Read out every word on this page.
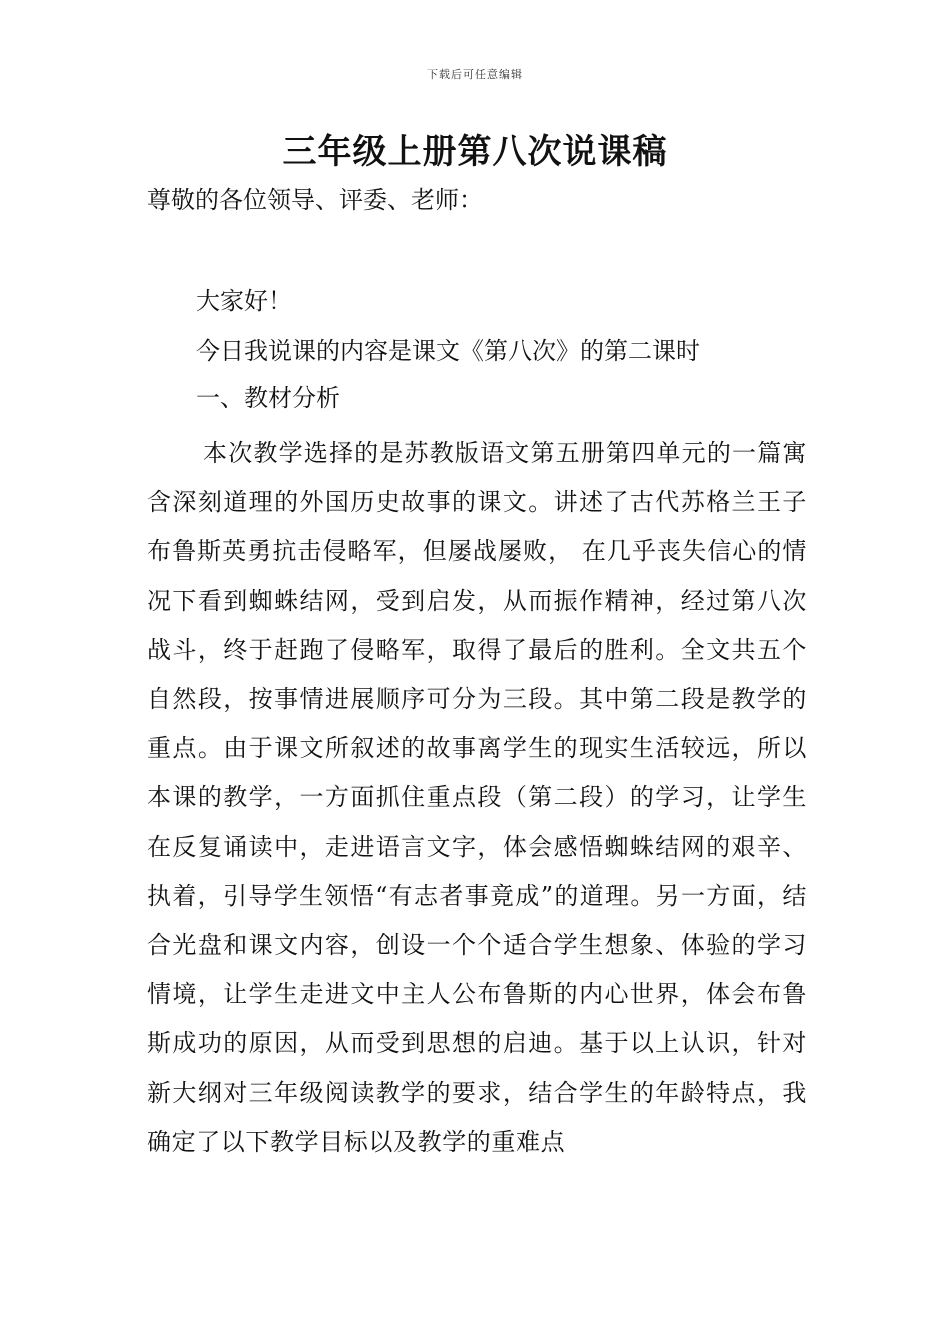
下载后可任意编辑
三年级上册第八次说课稿
尊敬的各位领导、评委、老师：
大家好！
今日我说课的内容是课文《第八次》的第二课时
一、教材分析
本次教学选择的是苏教版语文第五册第四单元的一篇寓含深刻道理的外国历史故事的课文。讲述了古代苏格兰王子布鲁斯英勇抗击侵略军，但屡战屡败， 在几乎丧失信心的情况下看到蜘蛛结网，受到启发，从而振作精神，经过第八次战斗，终于赶跑了侵略军，取得了最后的胜利。全文共五个自然段，按事情进展顺序可分为三段。其中第二段是教学的重点。由于课文所叙述的故事离学生的现实生活较远，所以本课的教学，一方面抓住重点段（第二段）的学习，让学生在反复诵读中，走进语言文字，体会感悟蜘蛛结网的艰辛、执着，引导学生领悟“有志者事竟成”的道理。另一方面，结合光盘和课文内容，创设一个个适合学生想象、体验的学习情境，让学生走进文中主人公布鲁斯的内心世界，体会布鲁斯成功的原因，从而受到思想的启迪。基于以上认识，针对新大纲对三年级阅读教学的要求，结合学生的年龄特点，我确定了以下教学目标以及教学的重难点
